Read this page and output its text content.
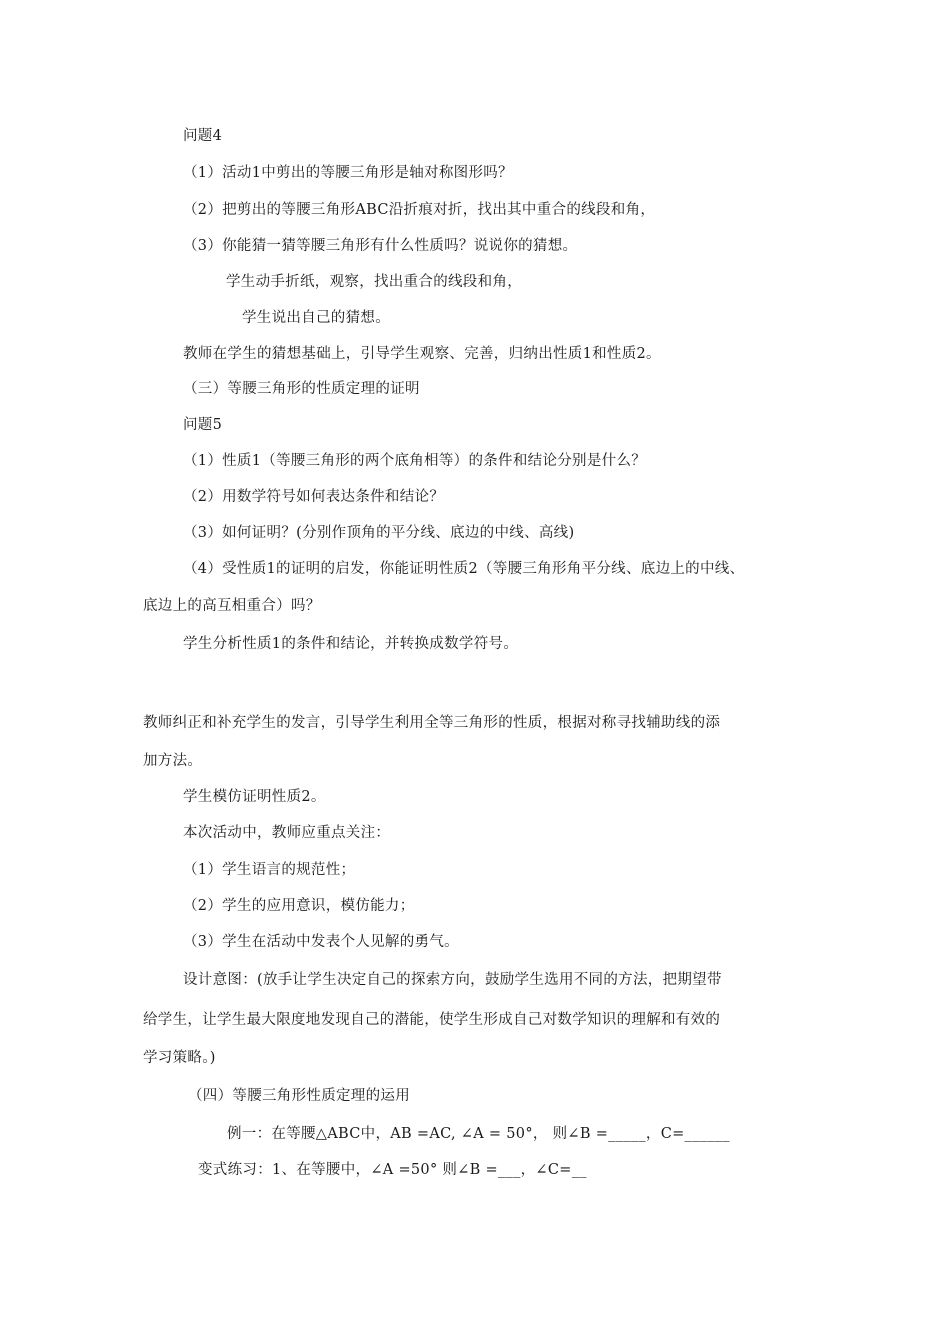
问题4
（1）活动1中剪出的等腰三角形是轴对称图形吗？
（2）把剪出的等腰三角形ABC沿折痕对折，找出其中重合的线段和角，
（3）你能猜一猜等腰三角形有什么性质吗？说说你的猜想。
学生动手折纸，观察，找出重合的线段和角，
学生说出自己的猜想。
教师在学生的猜想基础上，引导学生观察、完善，归纳出性质1和性质2。
（三）等腰三角形的性质定理的证明
问题5
（1）性质1（等腰三角形的两个底角相等）的条件和结论分别是什么？
（2）用数学符号如何表达条件和结论？
（3）如何证明？(分别作顶角的平分线、底边的中线、高线)
（4）受性质1的证明的启发，你能证明性质2（等腰三角形角平分线、底边上的中线、
底边上的高互相重合）吗？
学生分析性质1的条件和结论，并转换成数学符号。
教师纠正和补充学生的发言，引导学生利用全等三角形的性质，根据对称寻找辅助线的添
加方法。
学生模仿证明性质2。
本次活动中，教师应重点关注：
（1）学生语言的规范性；
（2）学生的应用意识，模仿能力；
（3）学生在活动中发表个人见解的勇气。
设计意图：(放手让学生决定自己的探索方向，鼓励学生选用不同的方法，把期望带
给学生，让学生最大限度地发现自己的潜能，使学生形成自己对数学知识的理解和有效的
学习策略。)
（四）等腰三角形性质定理的运用
例一：在等腰△ABC中，AB =AC, ∠A = 50°， 则∠B =_____，C=______
变式练习：1、在等腰中，∠A =50° 则∠B =___，∠C=__
